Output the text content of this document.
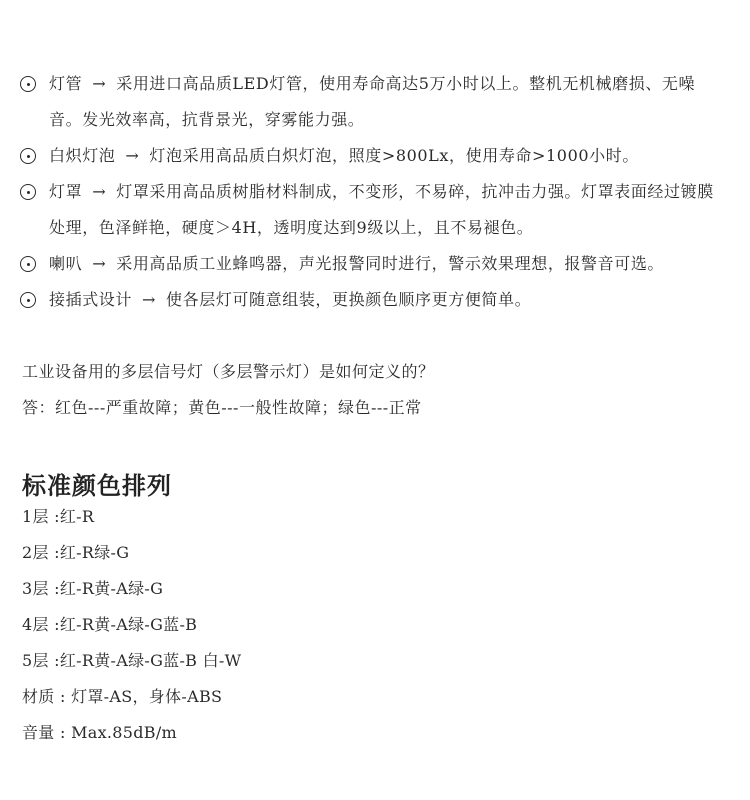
灯管 → 采用进口高品质LED灯管，使用寿命高达5万小时以上。整机无机械磨损、无噪音。发光效率高，抗背景光，穿雾能力强。
白炽灯泡 → 灯泡采用高品质白炽灯泡，照度>800Lx，使用寿命>1000小时。
灯罩 → 灯罩采用高品质树脂材料制成，不变形，不易碎，抗冲击力强。灯罩表面经过镀膜处理，色泽鲜艳，硬度＞4H，透明度达到9级以上，且不易褪色。
喇叭 → 采用高品质工业蜂鸣器，声光报警同时进行，警示效果理想，报警音可选。
接插式设计 → 使各层灯可随意组装，更换颜色顺序更方便简单。
工业设备用的多层信号灯（多层警示灯）是如何定义的？
答：红色---严重故障；黄色---一般性故障；绿色---正常
标准颜色排列
1层 :红-R
2层 :红-R绿-G
3层 :红-R黄-A绿-G
4层 :红-R黄-A绿-G蓝-B
5层 :红-R黄-A绿-G蓝-B 白-W
材质 : 灯罩-AS，身体-ABS
音量 : Max.85dB/m
